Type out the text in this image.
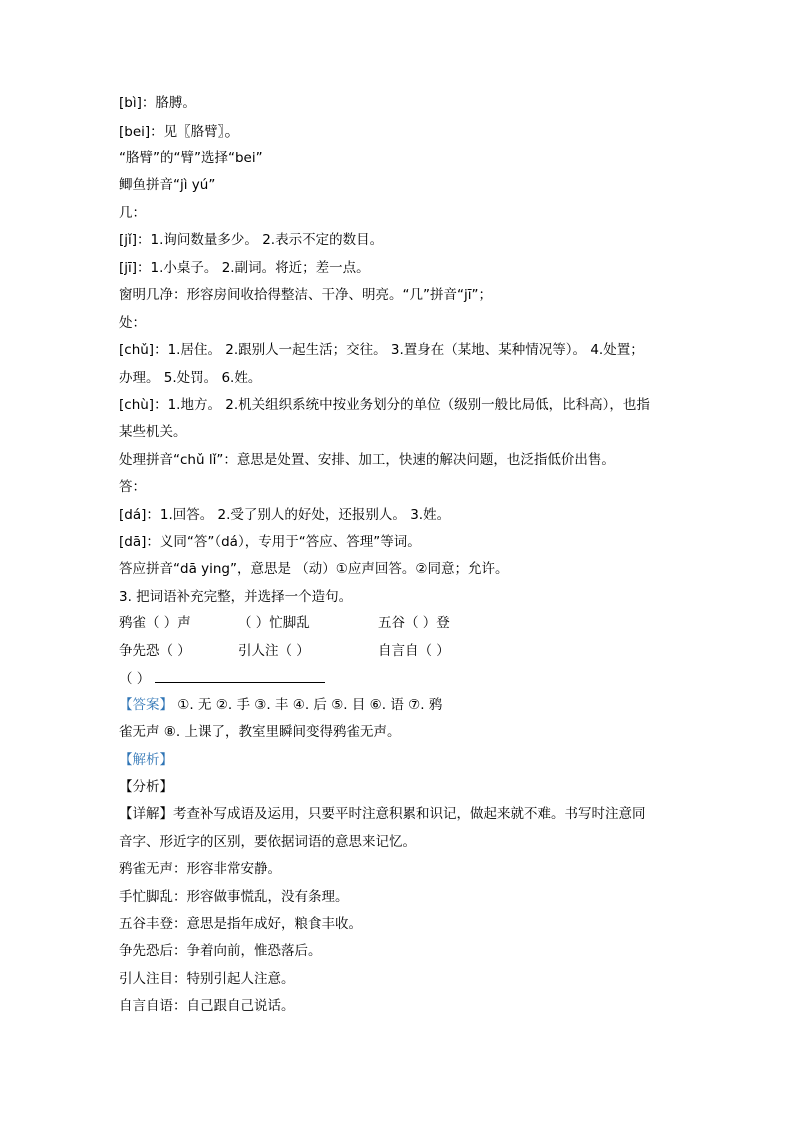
[bì]：胳膊。
[bei]：见〖胳臂〗。
“胳臂”的“臂”选择“bei”
鲫鱼拼音“jì yú”
几：
[jǐ]：1.询问数量多少。 2.表示不定的数目。
[jī]：1.小桌子。 2.副词。将近；差一点。
窗明几净：形容房间收拾得整洁、干净、明亮。“几”拼音“jī”；
处：
[chǔ]：1.居住。 2.跟别人一起生活；交往。 3.置身在（某地、某种情况等）。 4.处置；
办理。 5.处罚。 6.姓。
[chù]：1.地方。 2.机关组织系统中按业务划分的单位（级别一般比局低，比科高），也指
某些机关。
处理拼音“chǔ lǐ”：意思是处置、安排、加工，快速的解决问题，也泛指低价出售。
答：
[dá]：1.回答。 2.受了别人的好处，还报别人。 3.姓。
[dā]：义同“答”（dá），专用于“答应、答理”等词。
答应拼音“dā ying”，意思是 （动）①应声回答。②同意；允许。
3. 把词语补充完整，并选择一个造句。
鸦雀（ ）声	（ ）忙脚乱	五谷（ ）登
争先恐（ ）	引人注（ ）	自言自（ ）
（ ）
【答案】 ①. 无 ②. 手 ③. 丰 ④. 后 ⑤. 目 ⑥. 语 ⑦. 鸦
雀无声 ⑧. 上课了，教室里瞬间变得鸦雀无声。
【解析】
【分析】
【详解】考查补写成语及运用，只要平时注意积累和识记，做起来就不难。书写时注意同
音字、形近字的区别，要依据词语的意思来记忆。
鸦雀无声：形容非常安静。
手忙脚乱：形容做事慌乱，没有条理。
五谷丰登：意思是指年成好，粮食丰收。
争先恐后：争着向前，惟恐落后。
引人注目：特别引起人注意。
自言自语：自己跟自己说话。
